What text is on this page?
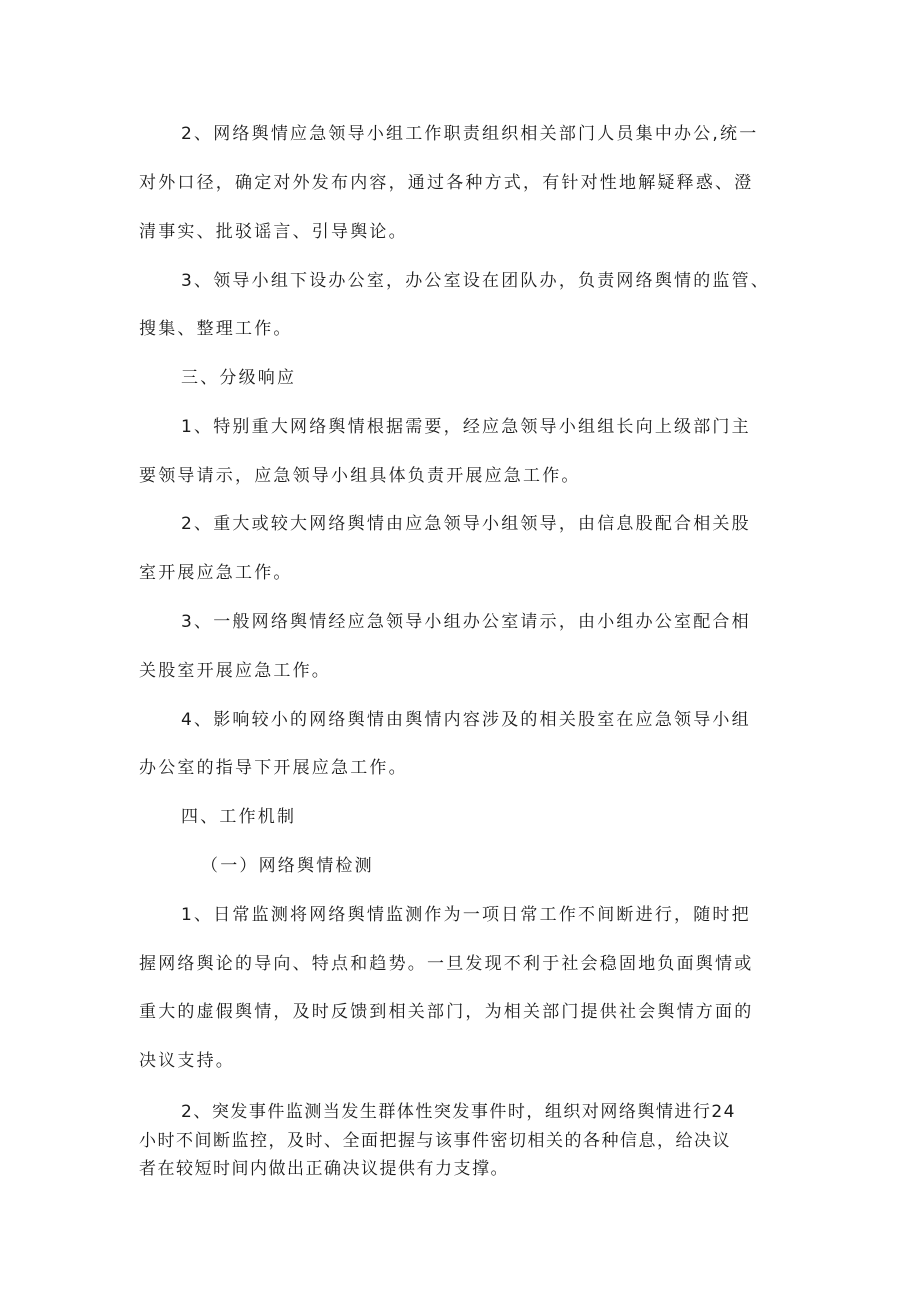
2、网络舆情应急领导小组工作职责组织相关部门人员集中办公,统一
对外口径，确定对外发布内容，通过各种方式，有针对性地解疑释惑、澄
清事实、批驳谣言、引导舆论。
3、领导小组下设办公室，办公室设在团队办，负责网络舆情的监管、
搜集、整理工作。
三、分级响应
1、特别重大网络舆情根据需要，经应急领导小组组长向上级部门主
要领导请示，应急领导小组具体负责开展应急工作。
2、重大或较大网络舆情由应急领导小组领导，由信息股配合相关股
室开展应急工作。
3、一般网络舆情经应急领导小组办公室请示，由小组办公室配合相
关股室开展应急工作。
4、影响较小的网络舆情由舆情内容涉及的相关股室在应急领导小组
办公室的指导下开展应急工作。
四、工作机制
（一）网络舆情检测
1、日常监测将网络舆情监测作为一项日常工作不间断进行，随时把
握网络舆论的导向、特点和趋势。一旦发现不利于社会稳固地负面舆情或
重大的虚假舆情，及时反馈到相关部门，为相关部门提供社会舆情方面的
决议支持。
2、突发事件监测当发生群体性突发事件时，组织对网络舆情进行24
小时不间断监控，及时、全面把握与该事件密切相关的各种信息，给决议
者在较短时间内做出正确决议提供有力支撑。
